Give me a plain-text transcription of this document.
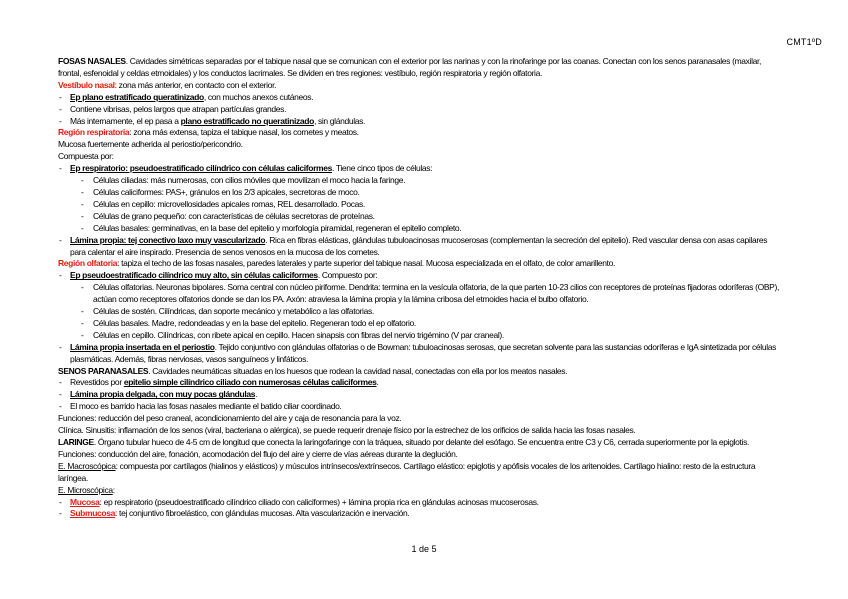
CMT1ºD

FOSAS NASALES. Cavidades simétricas separadas por el tabique nasal que se comunican con el exterior por las narinas y con la rinofaringe por las coanas. Conectan con los senos paranasales (maxilar, frontal, esfenoidal y celdas etmoidales) y los conductos lacrimales. Se dividen en tres regiones: vestíbulo, región respiratoria y región olfatoria.

Vestíbulo nasal: zona más anterior, en contacto con el exterior.

- Ep plano estratificado queratinizado, con muchos anexos cutáneos.

- Contiene vibrisas, pelos largos que atrapan partículas grandes.

- Más internamente, el ep pasa a plano estratificado no queratinizado, sin glándulas.

Región respiratoria: zona más extensa, tapiza el tabique nasal, los cornetes y meatos.

Mucosa fuertemente adherida al periostio/pericondrio.

Compuesta por:

- Ep respiratorio: pseudoestratificado cilíndrico con células caliciformes. Tiene cinco tipos de células:

- Células ciliadas: más numerosas, con cilios móviles que movilizan el moco hacia la faringe.

- Células caliciformes: PAS+, gránulos en los 2/3 apicales, secretoras de moco.

- Células en cepillo: microvellosidades apicales romas, REL desarrollado. Pocas.

- Células de grano pequeño: con características de células secretoras de proteínas.

- Células basales: germinativas, en la base del epitelio y morfología piramidal, regeneran el epitelio completo.

- Lámina propia: tej conectivo laxo muy vascularizado. Rica en fibras elásticas, glándulas tubuloacinosas mucoserosas (complementan la secreción del epitelio). Red vascular densa con asas capilares para calentar el aire inspirado. Presencia de senos venosos en la mucosa de los cornetes.

Región olfatoria: tapiza el techo de las fosas nasales, paredes laterales y parte superior del tabique nasal. Mucosa especializada en el olfato, de color amarillento.

- Ep pseudoestratificado cilíndrico muy alto, sin células caliciformes. Compuesto por:

- Células olfatorias. Neuronas bipolares. Soma central con núcleo piriforme. Dendrita: termina en la vesícula olfatoria, de la que parten 10-23 cilios con receptores de proteínas fijadoras odoríferas (OBP), actúan como receptores olfatorios donde se dan los PA. Axón: atraviesa la lámina propia y la lámina cribosa del etmoides hacia el bulbo olfatorio.

- Células de sostén. Cilíndricas, dan soporte mecánico y metabólico a las olfatorias.

- Células basales. Madre, redondeadas y en la base del epitelio. Regeneran todo el ep olfatorio.

- Células en cepillo. Cilíndricas, con ribete apical en cepillo. Hacen sinapsis con fibras del nervio trigémino (V par craneal).

- Lámina propia insertada en el periostio. Tejido conjuntivo con glándulas olfatorias o de Bowman: tubuloacinosas serosas, que secretan solvente para las sustancias odoríferas e IgA sintetizada por células plasmáticas. Además, fibras nerviosas, vasos sanguíneos y linfáticos.

SENOS PARANASALES. Cavidades neumáticas situadas en los huesos que rodean la cavidad nasal, conectadas con ella por los meatos nasales.

- Revestidos por epitelio simple cilíndrico ciliado con numerosas células caliciformes.

- Lámina propia delgada, con muy pocas glándulas.

- El moco es barrido hacia las fosas nasales mediante el batido ciliar coordinado.

Funciones: reducción del peso craneal, acondicionamiento del aire y caja de resonancia para la voz.

Clínica. Sinusitis: inflamación de los senos (viral, bacteriana o alérgica), se puede requerir drenaje físico por la estrechez de los orificios de salida hacia las fosas nasales.

LARINGE. Órgano tubular hueco de 4-5 cm de longitud que conecta la laringofaringe con la tráquea, situado por delante del esófago. Se encuentra entre C3 y C6, cerrada superiormente por la epiglotis. Funciones: conducción del aire, fonación, acomodación del flujo del aire y cierre de vías aéreas durante la deglución.

E. Macroscópica: compuesta por cartílagos (hialinos y elásticos) y músculos intrínsecos/extrínsecos. Cartílago elástico: epiglotis y apófisis vocales de los aritenoides. Cartílago hialino: resto de la estructura laríngea.

E. Microscópica:

- Mucosa: ep respiratorio (pseudoestratificado cilíndrico ciliado con caliciformes) + lámina propia rica en glándulas acinosas mucoserosas.

- Submucosa: tej conjuntivo fibroelástico, con glándulas mucosas. Alta vascularización e inervación.

1 de 5
